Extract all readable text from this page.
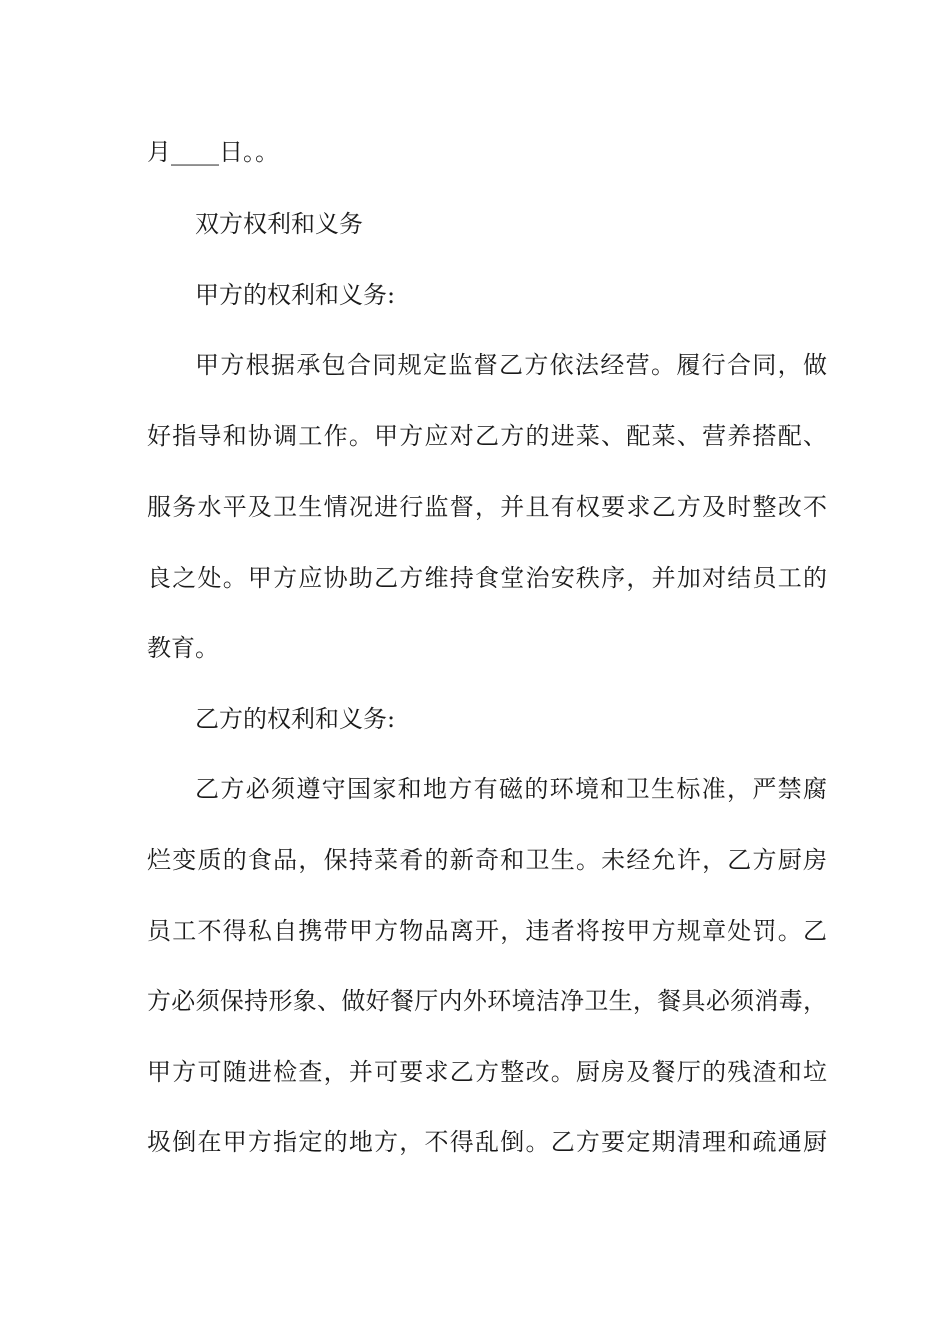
月____日。。
双方权利和义务
甲方的权利和义务:
甲方根据承包合同规定监督乙方依法经营。履行合同，做
好指导和协调工作。甲方应对乙方的进菜、配菜、营养搭配、
服务水平及卫生情况进行监督，并且有权要求乙方及时整改不
良之处。甲方应协助乙方维持食堂治安秩序，并加对结员工的
教育。
乙方的权利和义务:
乙方必须遵守国家和地方有磁的环境和卫生标准，严禁腐
烂变质的食品，保持菜肴的新奇和卫生。未经允许，乙方厨房
员工不得私自携带甲方物品离开，违者将按甲方规章处罚。乙
方必须保持形象、做好餐厅内外环境洁净卫生，餐具必须消毒，
甲方可随进检查，并可要求乙方整改。厨房及餐厅的残渣和垃
圾倒在甲方指定的地方，不得乱倒。乙方要定期清理和疏通厨
